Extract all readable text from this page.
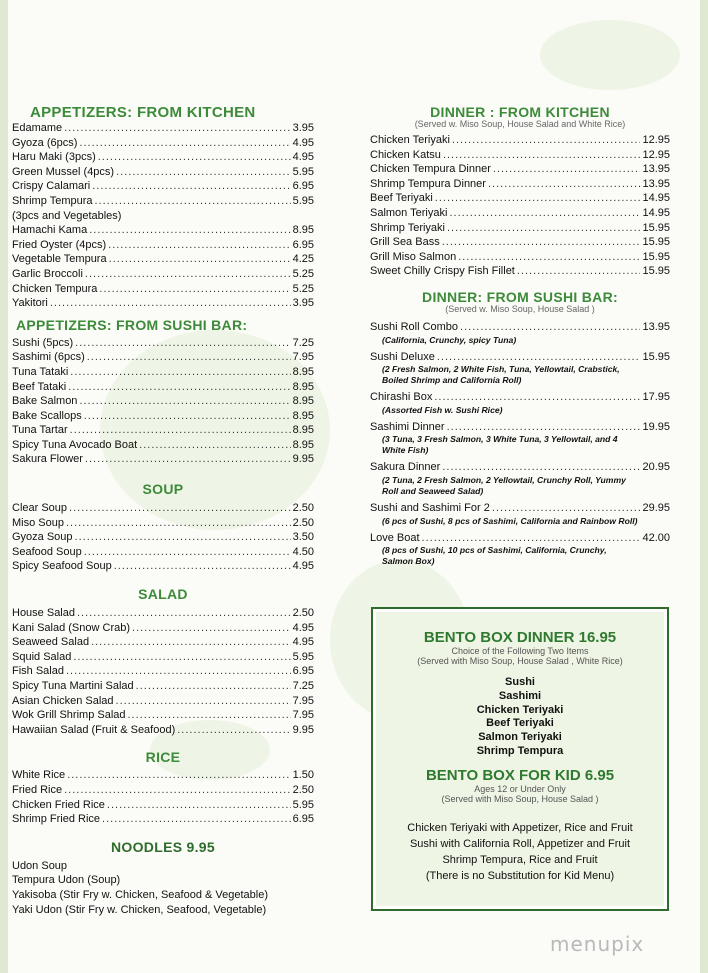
APPETIZERS: FROM KITCHEN
Edamame .....	3.95
Gyoza (6pcs) .....	4.95
Haru Maki (3pcs) .....	4.95
Green Mussel (4pcs) .....	5.95
Crispy Calamari .....	6.95
Shrimp Tempura .....	5.95
(3pcs and Vegetables)
Hamachi Kama .....	8.95
Fried Oyster (4pcs) .....	6.95
Vegetable Tempura .....	4.25
Garlic Broccoli .....	5.25
Chicken Tempura .....	5.25
Yakitori .....	3.95
APPETIZERS: FROM SUSHI BAR:
Sushi (5pcs) .....	7.25
Sashimi (6pcs) .....	7.95
Tuna Tataki .....	8.95
Beef Tataki .....	8.95
Bake Salmon .....	8.95
Bake Scallops .....	8.95
Tuna Tartar .....	8.95
Spicy Tuna Avocado Boat .....	8.95
Sakura Flower .....	9.95
SOUP
Clear Soup .....	2.50
Miso Soup .....	2.50
Gyoza Soup .....	3.50
Seafood Soup .....	4.50
Spicy Seafood Soup .....	4.95
SALAD
House Salad .....	2.50
Kani Salad (Snow Crab) .....	4.95
Seaweed Salad .....	4.95
Squid Salad .....	5.95
Fish Salad .....	6.95
Spicy Tuna Martini Salad .....	7.25
Asian Chicken Salad .....	7.95
Wok Grill Shrimp Salad .....	7.95
Hawaiian Salad (Fruit & Seafood) .....	9.95
RICE
White Rice .....	1.50
Fried Rice .....	2.50
Chicken Fried Rice .....	5.95
Shrimp Fried Rice .....	6.95
NOODLES 9.95
Udon Soup
Tempura Udon (Soup)
Yakisoba (Stir Fry w. Chicken, Seafood & Vegetable)
Yaki Udon (Stir Fry w. Chicken, Seafood, Vegetable)
DINNER : FROM KITCHEN
(Served w. Miso Soup, House Salad and White Rice)
Chicken Teriyaki .....	12.95
Chicken Katsu .....	12.95
Chicken Tempura Dinner .....	13.95
Shrimp Tempura Dinner .....	13.95
Beef Teriyaki .....	14.95
Salmon Teriyaki .....	14.95
Shrimp Teriyaki .....	15.95
Grill Sea Bass .....	15.95
Grill Miso Salmon .....	15.95
Sweet Chilly Crispy Fish Fillet .....	15.95
DINNER: FROM SUSHI BAR:
(Served w. Miso Soup, House Salad )
Sushi Roll Combo .....	13.95
(California, Crunchy, spicy Tuna)
Sushi Deluxe .....	15.95
(2 Fresh Salmon, 2 White Fish, Tuna, Yellowtail, Crabstick, Boiled Shrimp and California Roll)
Chirashi Box .....	17.95
(Assorted Fish w. Sushi Rice)
Sashimi Dinner .....	19.95
(3 Tuna, 3 Fresh Salmon, 3 White Tuna, 3 Yellowtail, and 4 White Fish)
Sakura Dinner .....	20.95
(2 Tuna, 2 Fresh Salmon, 2 Yellowtail, Crunchy Roll, Yummy Roll and Seaweed Salad)
Sushi and Sashimi For 2 .....	29.95
(6 pcs of Sushi, 8 pcs of Sashimi, California and Rainbow Roll)
Love Boat .....	42.00
(8 pcs of Sushi, 10 pcs of Sashimi, California, Crunchy, Salmon Box)
BENTO BOX DINNER 16.95
Choice of the Following Two Items
(Served with Miso Soup, House Salad , White Rice)
Sushi
Sashimi
Chicken Teriyaki
Beef Teriyaki
Salmon Teriyaki
Shrimp Tempura
BENTO BOX FOR KID 6.95
Ages 12 or Under Only
(Served with Miso Soup, House Salad )
Chicken Teriyaki with Appetizer, Rice and Fruit
Sushi with California Roll, Appetizer and Fruit
Shrimp Tempura, Rice and Fruit
(There is no Substitution for Kid Menu)
menupix
